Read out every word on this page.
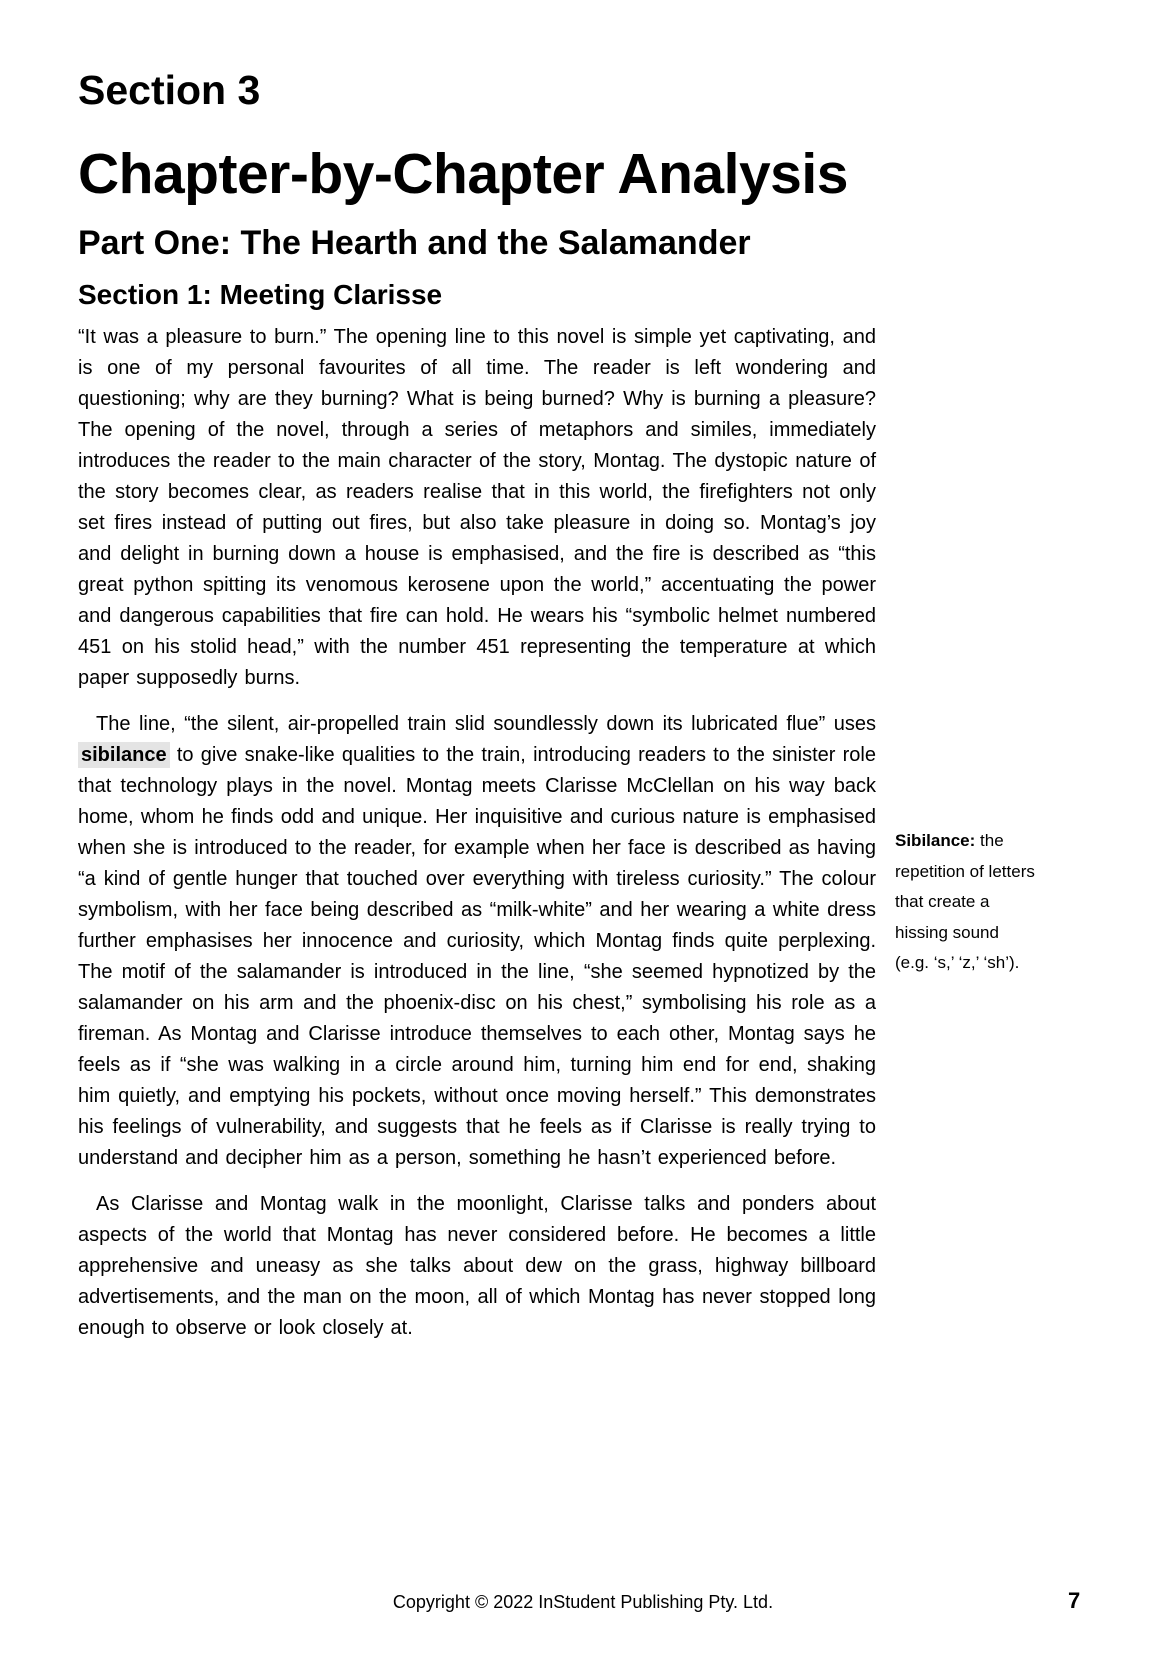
Section 3
Chapter-by-Chapter Analysis
Part One: The Hearth and the Salamander
Section 1: Meeting Clarisse

“It was a pleasure to burn.” The opening line to this novel is simple yet captivating, and is one of my personal favourites of all time. The reader is left wondering and questioning; why are they burning? What is being burned? Why is burning a pleasure? The opening of the novel, through a series of metaphors and similes, immediately introduces the reader to the main character of the story, Montag. The dystopic nature of the story becomes clear, as readers realise that in this world, the firefighters not only set fires instead of putting out fires, but also take pleasure in doing so. Montag’s joy and delight in burning down a house is emphasised, and the fire is described as “this great python spitting its venomous kerosene upon the world,” accentuating the power and dangerous capabilities that fire can hold. He wears his “symbolic helmet numbered 451 on his stolid head,” with the number 451 representing the temperature at which paper supposedly burns.

The line, “the silent, air-propelled train slid soundlessly down its lubricated flue” uses sibilance to give snake-like qualities to the train, introducing readers to the sinister role that technology plays in the novel. Montag meets Clarisse McClellan on his way back home, whom he finds odd and unique. Her inquisitive and curious nature is emphasised when she is introduced to the reader, for example when her face is described as having “a kind of gentle hunger that touched over everything with tireless curiosity.” The colour symbolism, with her face being described as “milk-white” and her wearing a white dress further emphasises her innocence and curiosity, which Montag finds quite perplexing. The motif of the salamander is introduced in the line, “she seemed hypnotized by the salamander on his arm and the phoenix-disc on his chest,” symbolising his role as a fireman. As Montag and Clarisse introduce themselves to each other, Montag says he feels as if “she was walking in a circle around him, turning him end for end, shaking him quietly, and emptying his pockets, without once moving herself.” This demonstrates his feelings of vulnerability, and suggests that he feels as if Clarisse is really trying to understand and decipher him as a person, something he hasn’t experienced before.

As Clarisse and Montag walk in the moonlight, Clarisse talks and ponders about aspects of the world that Montag has never considered before. He becomes a little apprehensive and uneasy as she talks about dew on the grass, highway billboard advertisements, and the man on the moon, all of which Montag has never stopped long enough to observe or look closely at.

Sibilance: the repetition of letters that create a hissing sound (e.g. ‘s,’ ‘z,’ ‘sh’).
Copyright © 2022 InStudent Publishing Pty. Ltd.	7
